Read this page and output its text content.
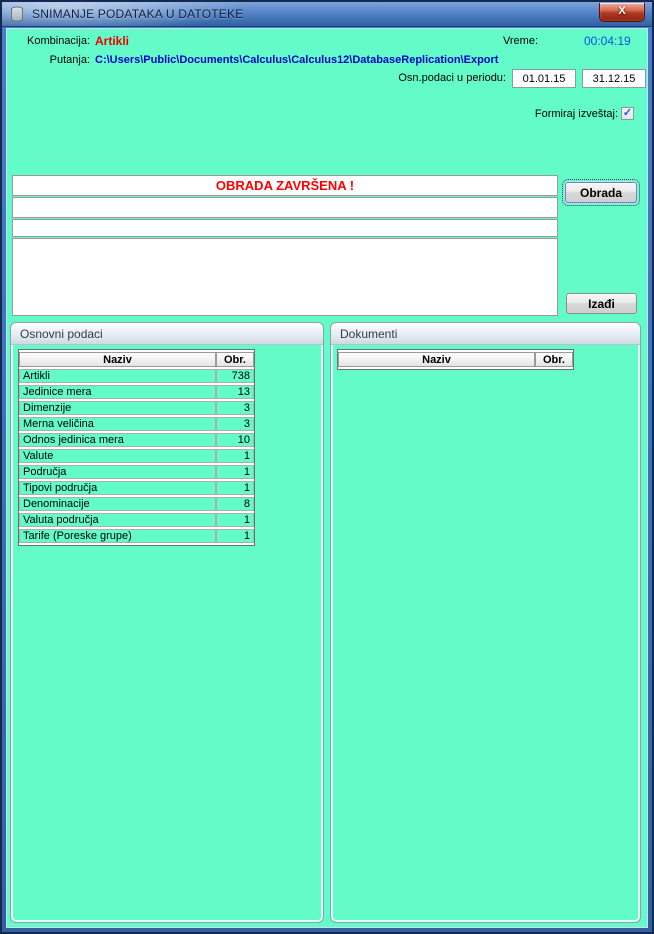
SNIMANJE PODATAKA U DATOTEKE	X
Kombinacija: Artikli	Vreme:	00:04:19
Putanja: C:\Users\Public\Documents\Calculus\Calculus12\DatabaseReplication\Export
Osn.podaci u periodu:
01.01.15
31.12.15
Formiraj izveštaj: ✓
OBRADA ZAVRŠENA !	Obrada
Izađi
Osnovni podaci
Naziv	Obr.
Artikli	738
Jedinice mera	13
Dimenzije	3
Merna veličina	3
Odnos jedinica mera	10
Valute	1
Područja	1
Tipovi područja	1
Denominacije	8
Valuta područja	1
Tarife (Poreske grupe)	1
Dokumenti
Naziv	Obr.
